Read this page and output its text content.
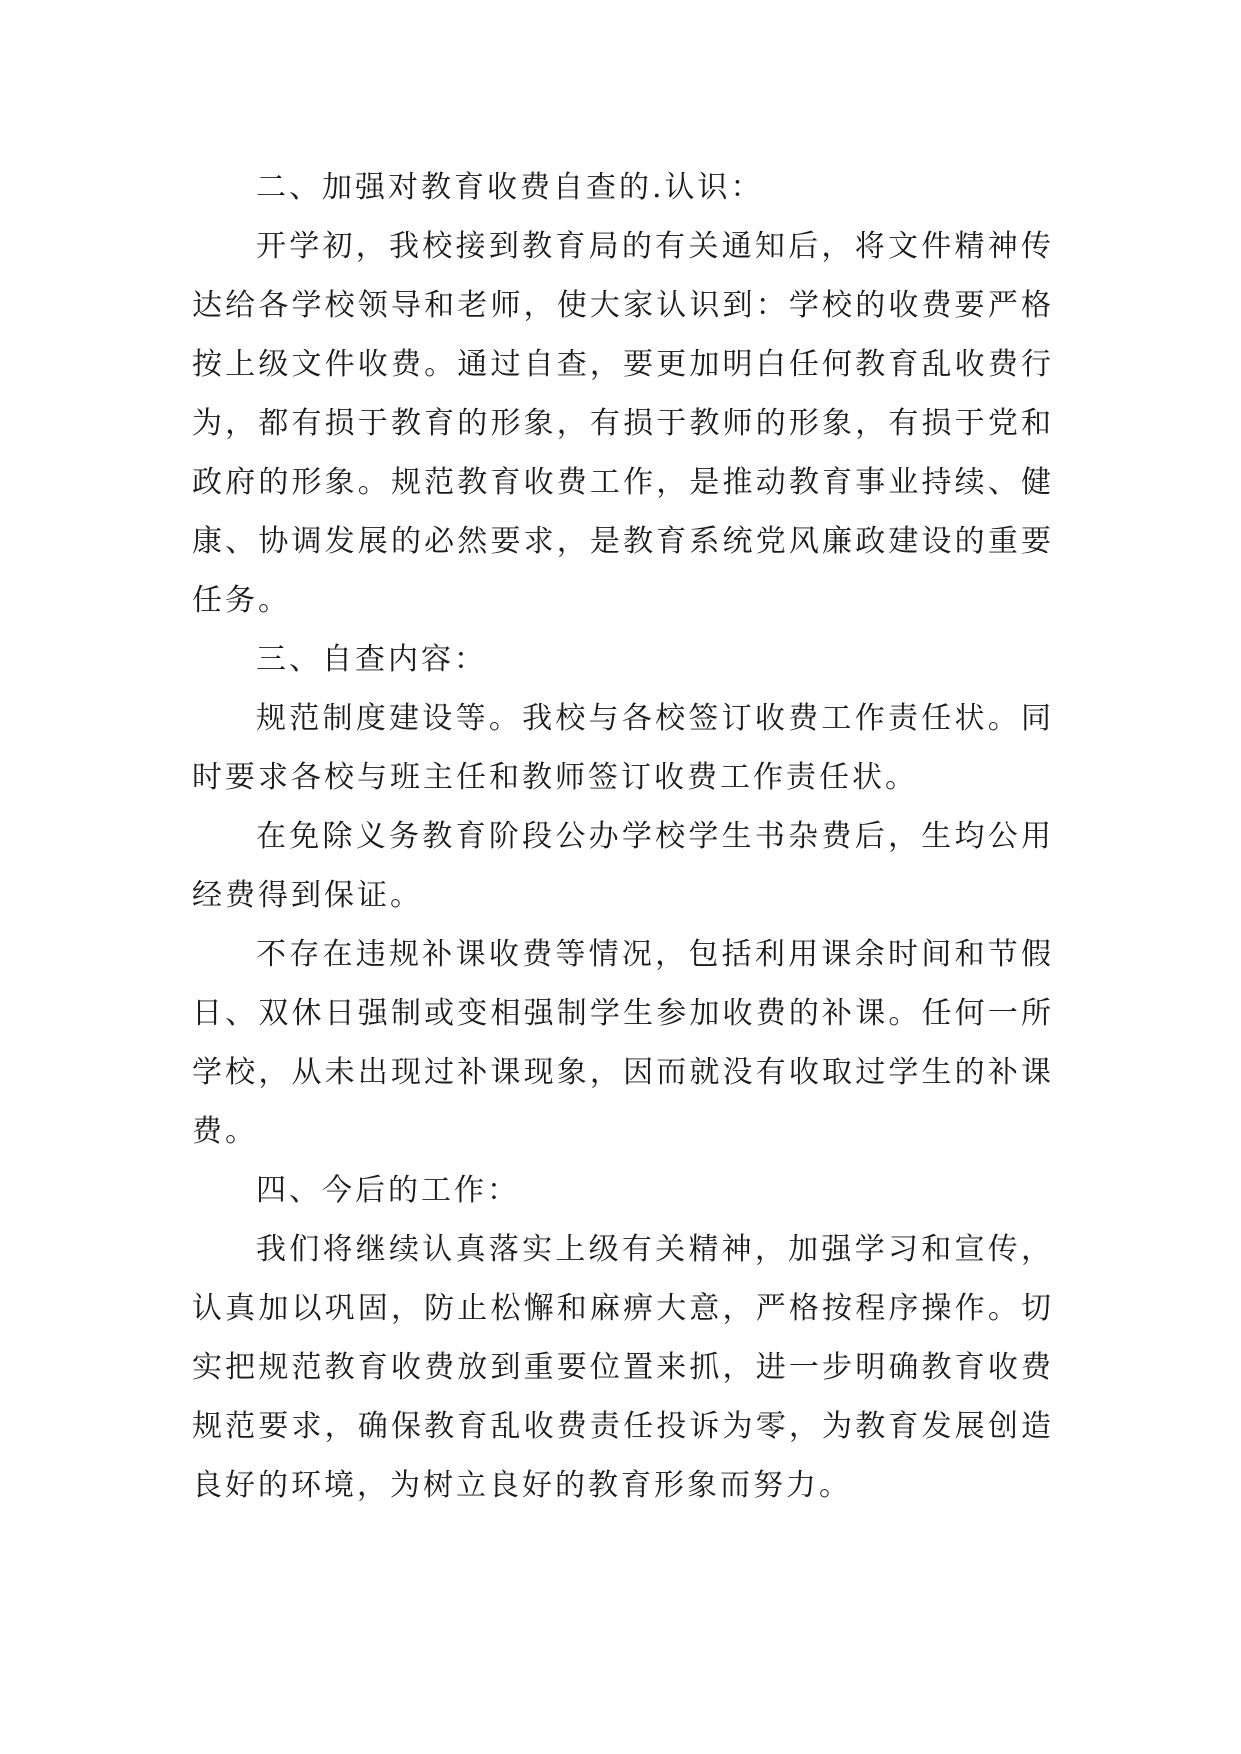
二、加强对教育收费自查的.认识：

开学初，我校接到教育局的有关通知后，将文件精神传达给各学校领导和老师，使大家认识到：学校的收费要严格按上级文件收费。通过自查，要更加明白任何教育乱收费行为，都有损于教育的形象，有损于教师的形象，有损于党和政府的形象。规范教育收费工作，是推动教育事业持续、健康、协调发展的必然要求，是教育系统党风廉政建设的重要任务。

三、自查内容：

规范制度建设等。我校与各校签订收费工作责任状。同时要求各校与班主任和教师签订收费工作责任状。

在免除义务教育阶段公办学校学生书杂费后，生均公用经费得到保证。

不存在违规补课收费等情况，包括利用课余时间和节假日、双休日强制或变相强制学生参加收费的补课。任何一所学校，从未出现过补课现象，因而就没有收取过学生的补课费。

四、今后的工作：

我们将继续认真落实上级有关精神，加强学习和宣传，认真加以巩固，防止松懈和麻痹大意，严格按程序操作。切实把规范教育收费放到重要位置来抓，进一步明确教育收费规范要求，确保教育乱收费责任投诉为零，为教育发展创造良好的环境，为树立良好的教育形象而努力。
